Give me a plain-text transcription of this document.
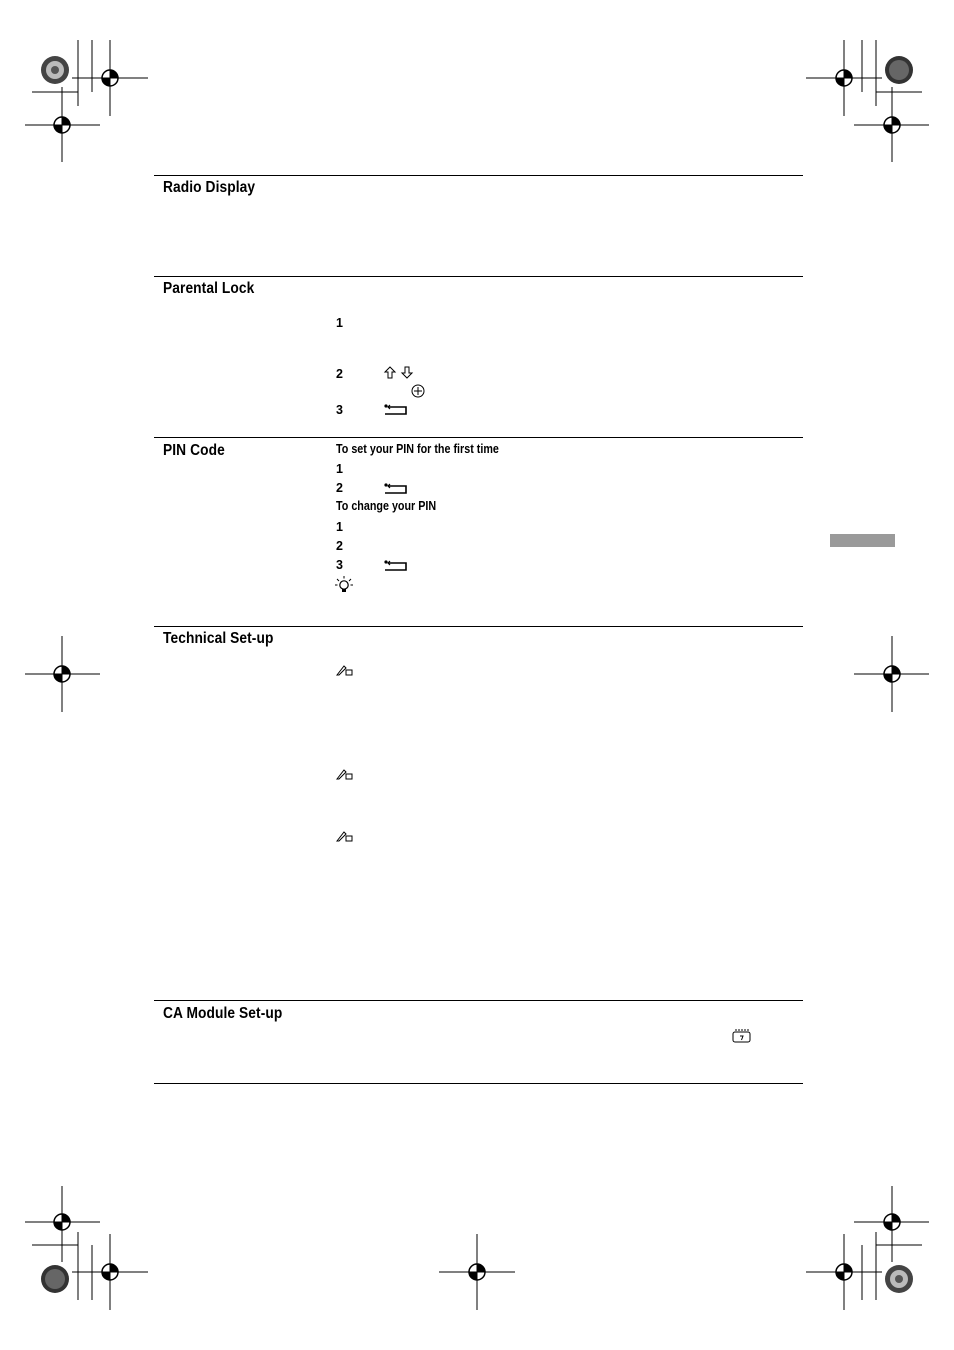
Radio Display
Parental Lock
PIN Code
Technical Set-up
CA Module Set-up
1
2
3
To set your PIN for the first time
1
2
To change your PIN
1
2
3
